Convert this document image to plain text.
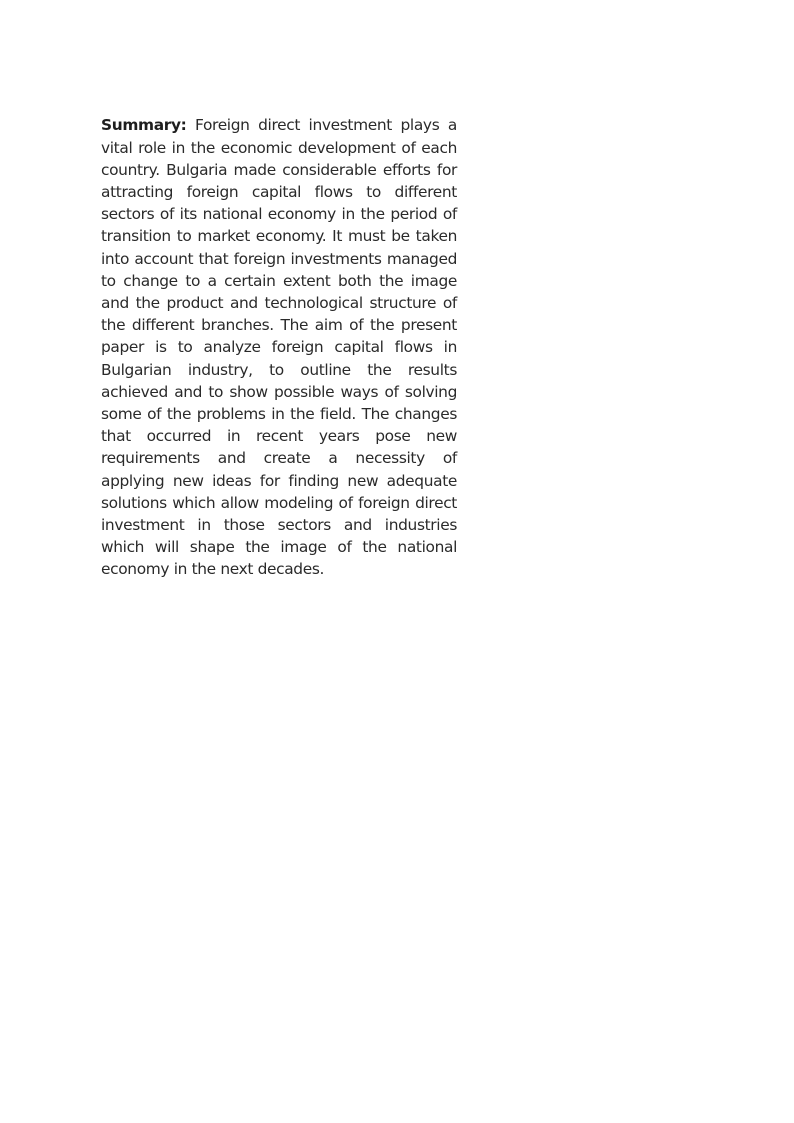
Summary: Foreign direct investment plays a vital role in the economic development of each country. Bulgaria made considerable efforts for attracting foreign capital flows to different sectors of its national economy in the period of transition to market economy. It must be taken into account that foreign investments managed to change to a certain extent both the image and the product and technological structure of the different branches. The aim of the present paper is to analyze foreign capital flows in Bulgarian industry, to outline the results achieved and to show possible ways of solving some of the problems in the field. The changes that occurred in recent years pose new requirements and create a necessity of applying new ideas for finding new adequate solutions which allow modeling of foreign direct investment in those sectors and industries which will shape the image of the national economy in the next decades.
